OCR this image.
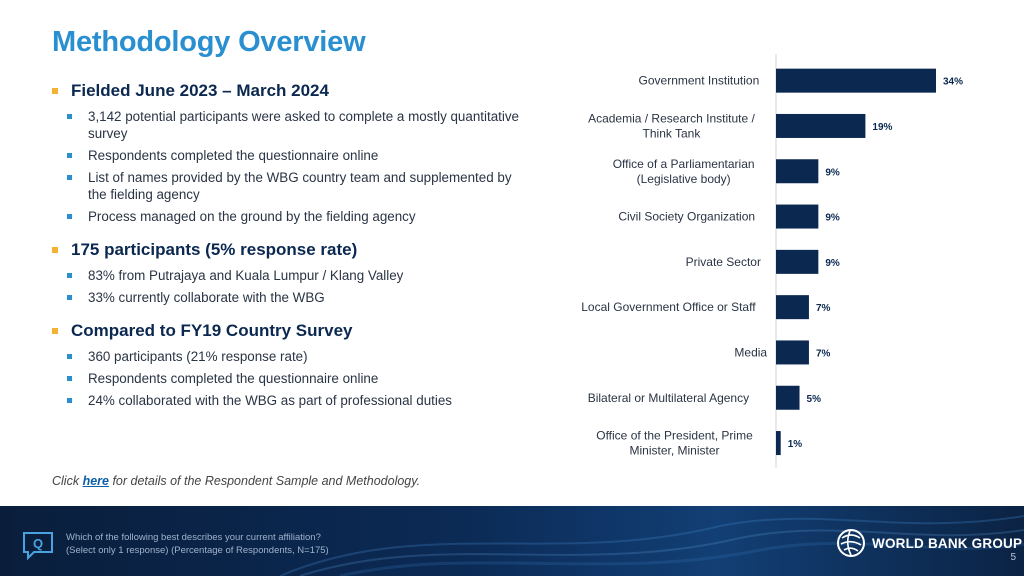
Methodology Overview
Fielded June 2023 – March 2024
3,142 potential participants were asked to complete a mostly quantitative survey
Respondents completed the questionnaire online
List of names provided by the WBG country team and supplemented by the fielding agency
Process managed on the ground by the fielding agency
175 participants (5% response rate)
83% from Putrajaya and Kuala Lumpur / Klang Valley
33% currently collaborate with the WBG
Compared to FY19 Country Survey
360 participants (21% response rate)
Respondents completed the questionnaire online
24% collaborated with the WBG as part of professional duties
Click here for details of the Respondent Sample and Methodology.
34%
Government Institution
19%
Academia / Research Institute / Think Tank
9%
Office of a Parliamentarian (Legislative body)
9%
Civil Society Organization
9%
Private Sector
7%
Local Government Office or Staff
7%
Media
5%
Bilateral or Multilateral Agency
1%
Office of the President, Prime Minister, Minister
Q Which of the following best describes your current affiliation?
(Select only 1 response) (Percentage of Respondents, N=175)	WORLD BANK GROUP
5
